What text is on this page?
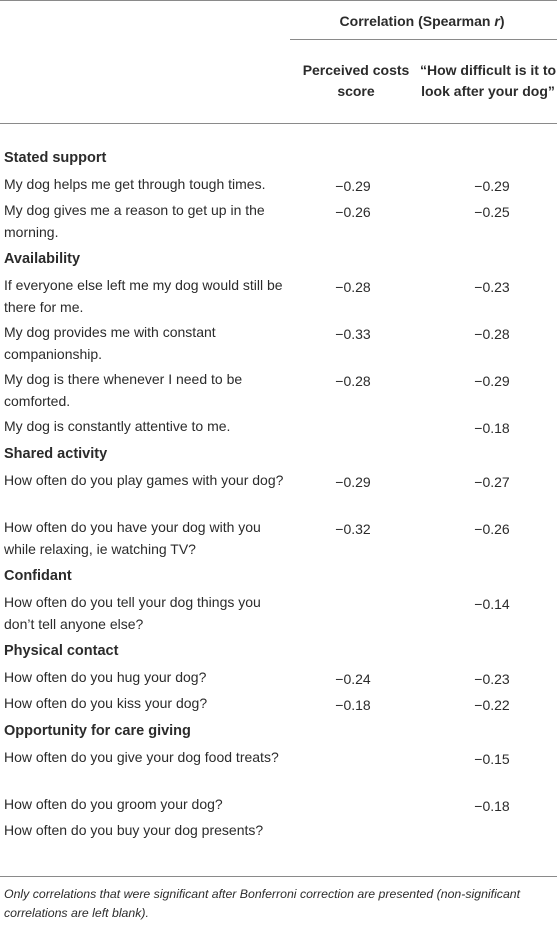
	Correlation (Spearman r)	
	Perceived costs score	“How difficult is it to look after your dog”
Stated support		
My dog helps me get through tough times.	−0.29	−0.29
My dog gives me a reason to get up in the morning.	−0.26	−0.25
Availability		
If everyone else left me my dog would still be there for me.	−0.28	−0.23
My dog provides me with constant companionship.	−0.33	−0.28
My dog is there whenever I need to be comforted.	−0.28	−0.29
My dog is constantly attentive to me.		−0.18
Shared activity		
How often do you play games with your dog?	−0.29	−0.27
How often do you have your dog with you while relaxing, ie watching TV?	−0.32	−0.26
Confidant		
How often do you tell your dog things you don’t tell anyone else?		−0.14
Physical contact		
How often do you hug your dog?	−0.24	−0.23
How often do you kiss your dog?	−0.18	−0.22
Opportunity for care giving		
How often do you give your dog food treats?		−0.15
How often do you groom your dog?		−0.18
How often do you buy your dog presents?		
Only correlations that were significant after Bonferroni correction are presented (non-significant correlations are left blank).
